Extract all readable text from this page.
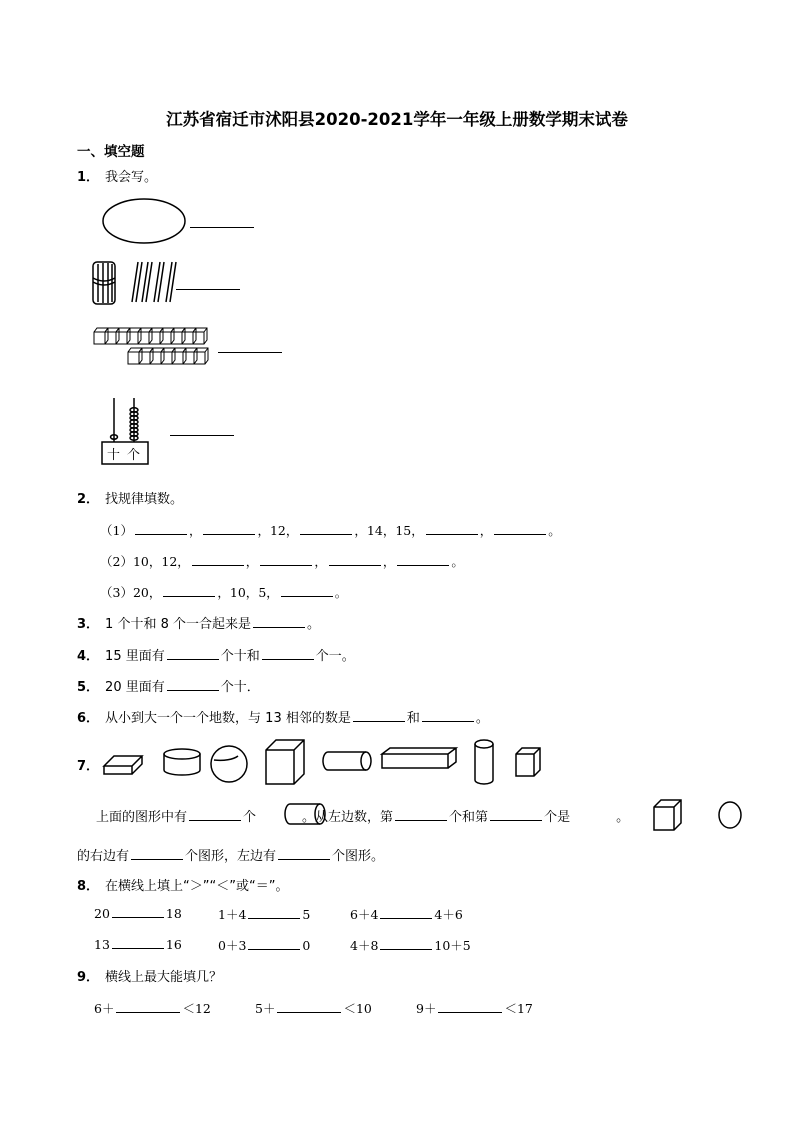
江苏省宿迁市沭阳县2020-2021学年一年级上册数学期末试卷
一、填空题
1． 我会写。
十 个
2． 找规律填数。
（1）	，	，12，	，14，15，	，	。
（2）10，12，	，	，	，	。
（3）20，	，10，5，	。
3． 1 个十和 8 个一合起来是	。
4． 15 里面有	个十和	个一。
5． 20 里面有	个十．
6． 从小到大一个一个地数，与 13 相邻的数是	和	。
7．
上面的图形中有	个	。从左边数，第	个和第	个是	。
的右边有	个图形，左边有	个图形。
8． 在横线上填上“＞”“＜”或“＝”。
20	18	1＋4	5	6＋4	4＋6
13	16	0＋3	0	4＋8	10＋5
9． 横线上最大能填几？
6＋	＜12	5＋	＜10	9＋	＜17
